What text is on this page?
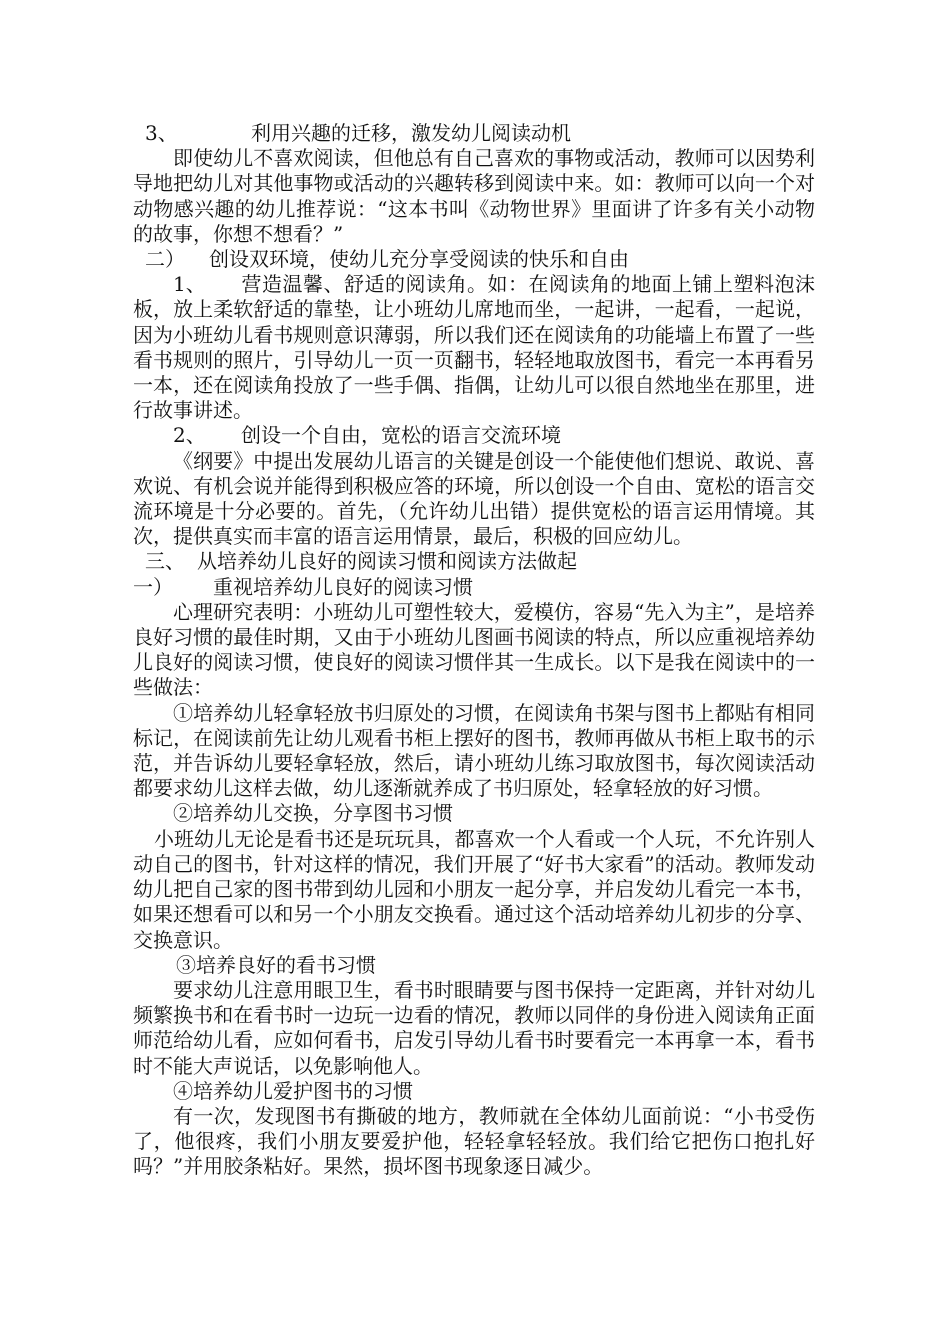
3、	利用兴趣的迁移，激发幼儿阅读动机

即使幼儿不喜欢阅读，但他总有自己喜欢的事物或活动，教师可以因势利导地把幼儿对其他事物或活动的兴趣转移到阅读中来。如：教师可以向一个对动物感兴趣的幼儿推荐说：“这本书叫《动物世界》里面讲了许多有关小动物的故事，你想不想看？”

二） 创设双环境，使幼儿充分享受阅读的快乐和自由

1、 营造温馨、舒适的阅读角。如：在阅读角的地面上铺上塑料泡沫板，放上柔软舒适的靠垫，让小班幼儿席地而坐，一起讲，一起看，一起说，因为小班幼儿看书规则意识薄弱，所以我们还在阅读角的功能墙上布置了一些看书规则的照片，引导幼儿一页一页翻书，轻轻地取放图书，看完一本再看另一本，还在阅读角投放了一些手偶、指偶，让幼儿可以很自然地坐在那里，进行故事讲述。

2、 创设一个自由，宽松的语言交流环境

《纲要》中提出发展幼儿语言的关键是创设一个能使他们想说、敢说、喜欢说、有机会说并能得到积极应答的环境，所以创设一个自由、宽松的语言交流环境是十分必要的。首先，（允许幼儿出错）提供宽松的语言运用情境。其次，提供真实而丰富的语言运用情景，最后，积极的回应幼儿。

三、 从培养幼儿良好的阅读习惯和阅读方法做起

一） 重视培养幼儿良好的阅读习惯

心理研究表明：小班幼儿可塑性较大，爱模仿，容易“先入为主”，是培养良好习惯的最佳时期，又由于小班幼儿图画书阅读的特点，所以应重视培养幼儿良好的阅读习惯，使良好的阅读习惯伴其一生成长。以下是我在阅读中的一些做法：

①培养幼儿轻拿轻放书归原处的习惯，在阅读角书架与图书上都贴有相同标记，在阅读前先让幼儿观看书柜上摆好的图书，教师再做从书柜上取书的示范，并告诉幼儿要轻拿轻放，然后，请小班幼儿练习取放图书，每次阅读活动都要求幼儿这样去做，幼儿逐渐就养成了书归原处，轻拿轻放的好习惯。

②培养幼儿交换，分享图书习惯

小班幼儿无论是看书还是玩玩具，都喜欢一个人看或一个人玩，不允许别人动自己的图书，针对这样的情况，我们开展了“好书大家看”的活动。教师发动幼儿把自己家的图书带到幼儿园和小朋友一起分享，并启发幼儿看完一本书，如果还想看可以和另一个小朋友交换看。通过这个活动培养幼儿初步的分享、交换意识。

③培养良好的看书习惯

要求幼儿注意用眼卫生，看书时眼睛要与图书保持一定距离，并针对幼儿频繁换书和在看书时一边玩一边看的情况，教师以同伴的身份进入阅读角正面师范给幼儿看，应如何看书，启发引导幼儿看书时要看完一本再拿一本，看书时不能大声说话，以免影响他人。

④培养幼儿爱护图书的习惯

有一次，发现图书有撕破的地方，教师就在全体幼儿面前说：“小书受伤了，他很疼，我们小朋友要爱护他，轻轻拿轻轻放。我们给它把伤口抱扎好吗？”并用胶条粘好。果然，损坏图书现象逐日减少。
